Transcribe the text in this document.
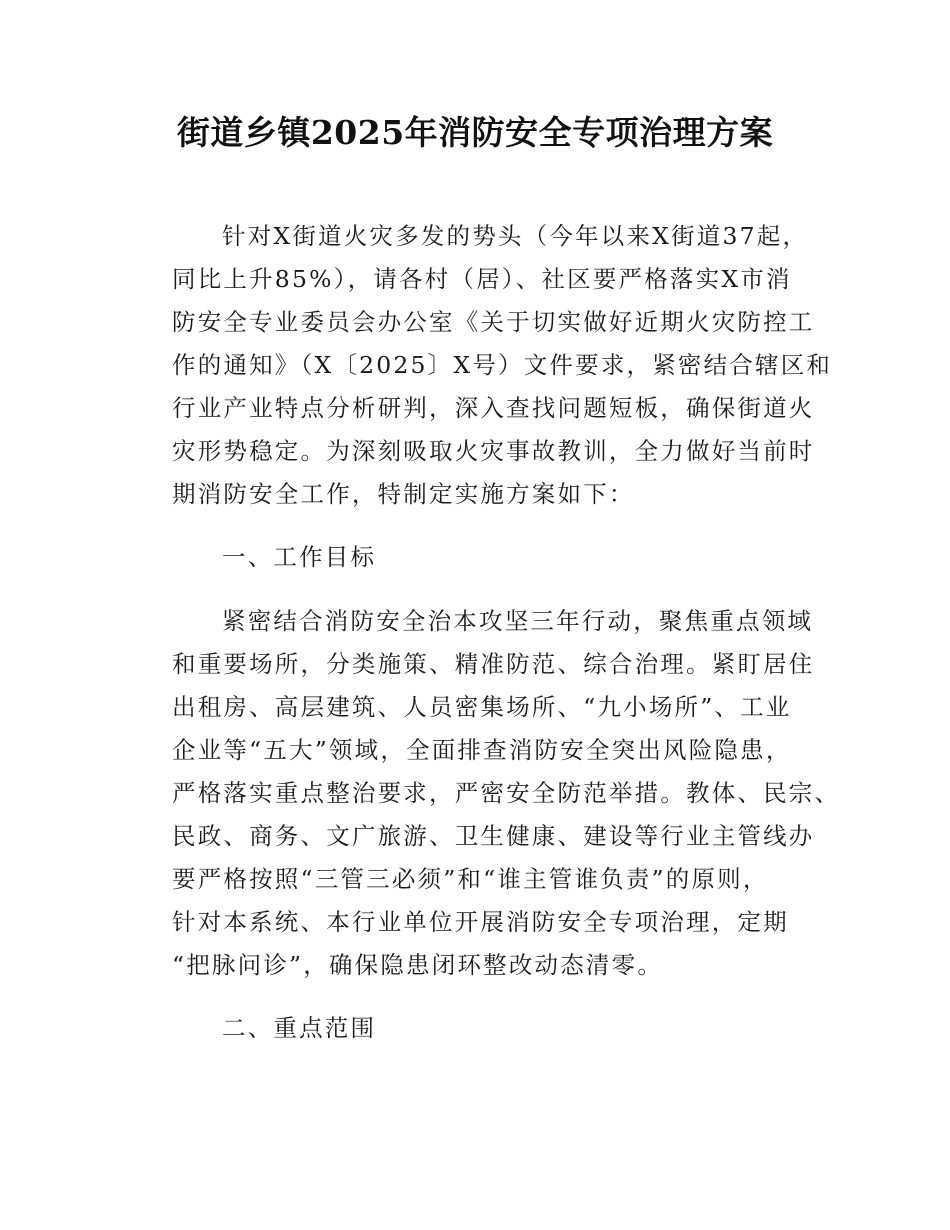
街道乡镇2025年消防安全专项治理方案

针对X街道火灾多发的势头（今年以来X街道37起，

同比上升85%），请各村（居）、社区要严格落实X市消

防安全专业委员会办公室《关于切实做好近期火灾防控工

作的通知》（X〔2025〕X号）文件要求，紧密结合辖区和

行业产业特点分析研判，深入查找问题短板，确保街道火

灾形势稳定。为深刻吸取火灾事故教训，全力做好当前时

期消防安全工作，特制定实施方案如下：

一、工作目标

紧密结合消防安全治本攻坚三年行动，聚焦重点领域

和重要场所，分类施策、精准防范、综合治理。紧盯居住

出租房、高层建筑、人员密集场所、“九小场所”、工业

企业等“五大”领域，全面排查消防安全突出风险隐患，

严格落实重点整治要求，严密安全防范举措。教体、民宗、

民政、商务、文广旅游、卫生健康、建设等行业主管线办

要严格按照“三管三必须”和“谁主管谁负责”的原则，

针对本系统、本行业单位开展消防安全专项治理，定期

“把脉问诊”，确保隐患闭环整改动态清零。

二、重点范围
